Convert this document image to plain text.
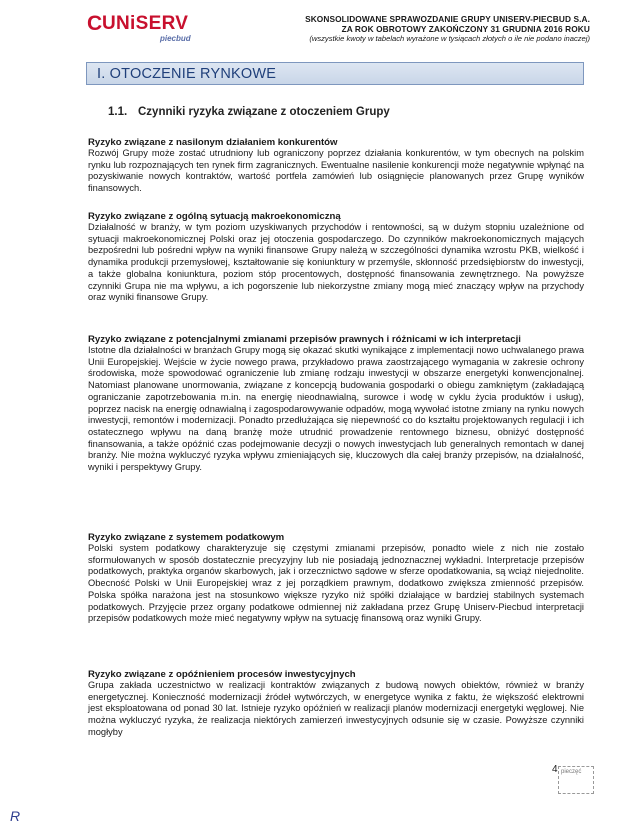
C UNiSERV
piecbud
SKONSOLIDOWANE SPRAWOZDANIE GRUPY UNISERV-PIECBUD S.A.
ZA ROK OBROTOWY ZAKOŃCZONY 31 GRUDNIA 2016 ROKU
(wszystkie kwoty w tabelach wyrażone w tysiącach złotych o ile nie podano inaczej)
I. OTOCZENIE RYNKOWE
1.1. Czynniki ryzyka związane z otoczeniem Grupy

Ryzyko związane z nasilonym działaniem konkurentów

Rozwój Grupy może zostać utrudniony lub ograniczony poprzez działania konkurentów, w tym obecnych na polskim rynku lub rozpoznających ten rynek firm zagranicznych. Ewentualne nasilenie konkurencji może negatywnie wpłynąć na pozyskiwanie nowych kontraktów, wartość portfela zamówień lub osiągnięcie planowanych przez Grupę wyników finansowych.

Ryzyko związane z ogólną sytuacją makroekonomiczną

Działalność w branży, w tym poziom uzyskiwanych przychodów i rentowności, są w dużym stopniu uzależnione od sytuacji makroekonomicznej Polski oraz jej otoczenia gospodarczego. Do czynników makroekonomicznych mających bezpośredni lub pośredni wpływ na wyniki finansowe Grupy należą w szczególności dynamika wzrostu PKB, wielkość i dynamika produkcji przemysłowej, kształtowanie się koniunktury w przemyśle, skłonność przedsiębiorstw do inwestycji, a także globalna koniunktura, poziom stóp procentowych, dostępność finansowania zewnętrznego. Na powyższe czynniki Grupa nie ma wpływu, a ich pogorszenie lub niekorzystne zmiany mogą mieć znaczący wpływ na przychody oraz wyniki finansowe Grupy.

Ryzyko związane z potencjalnymi zmianami przepisów prawnych i różnicami w ich interpretacji

Istotne dla działalności w branżach Grupy mogą się okazać skutki wynikające z implementacji nowo uchwalanego prawa Unii Europejskiej. Wejście w życie nowego prawa, przykładowo prawa zaostrzającego wymagania w zakresie ochrony środowiska, może spowodować ograniczenie lub zmianę rodzaju inwestycji w obszarze energetyki konwencjonalnej. Natomiast planowane unormowania, związane z koncepcją budowania gospodarki o obiegu zamkniętym (zakładającą ograniczanie zapotrzebowania m.in. na energię nieodnawialną, surowce i wodę w cyklu życia produktów i usług), poprzez nacisk na energię odnawialną i zagospodarowywanie odpadów, mogą wywołać istotne zmiany na rynku nowych inwestycji, remontów i modernizacji. Ponadto przedłużająca się niepewność co do kształtu projektowanych regulacji i ich ostatecznego wpływu na daną branżę może utrudnić prowadzenie rentownego biznesu, obniżyć dostępność finansowania, a także opóźnić czas podejmowanie decyzji o nowych inwestycjach lub generalnych remontach w danej branży. Nie można wykluczyć ryzyka wpływu zmieniających się, kluczowych dla całej branży przepisów, na działalność, wyniki i perspektywy Grupy.

Ryzyko związane z systemem podatkowym

Polski system podatkowy charakteryzuje się częstymi zmianami przepisów, ponadto wiele z nich nie zostało sformułowanych w sposób dostatecznie precyzyjny lub nie posiadają jednoznacznej wykładni. Interpretacje przepisów podatkowych, praktyka organów skarbowych, jak i orzecznictwo sądowe w sferze opodatkowania, są wciąż niejednolite. Obecność Polski w Unii Europejskiej wraz z jej porządkiem prawnym, dodatkowo zwiększa zmienność przepisów. Polska spółka narażona jest na stosunkowo większe ryzyko niż spółki działające w bardziej stabilnych systemach podatkowych. Przyjęcie przez organy podatkowe odmiennej niż zakładana przez Grupę Uniserv-Piecbud interpretacji przepisów podatkowych może mieć negatywny wpływ na sytuację finansową oraz wyniki Grupy.

Ryzyko związane z opóźnieniem procesów inwestycyjnych

Grupa zakłada uczestnictwo w realizacji kontraktów związanych z budową nowych obiektów, również w branży energetycznej. Konieczność modernizacji źródeł wytwórczych, w energetyce wynika z faktu, że większość elektrowni jest eksploatowana od ponad 30 lat. Istnieje ryzyko opóźnień w realizacji planów modernizacji energetyki węglowej. Nie można wykluczyć ryzyka, że realizacja niektórych zamierzeń inwestycyjnych odsunie się w czasie. Powyższe czynniki mogłyby

4 pieczęć
R
